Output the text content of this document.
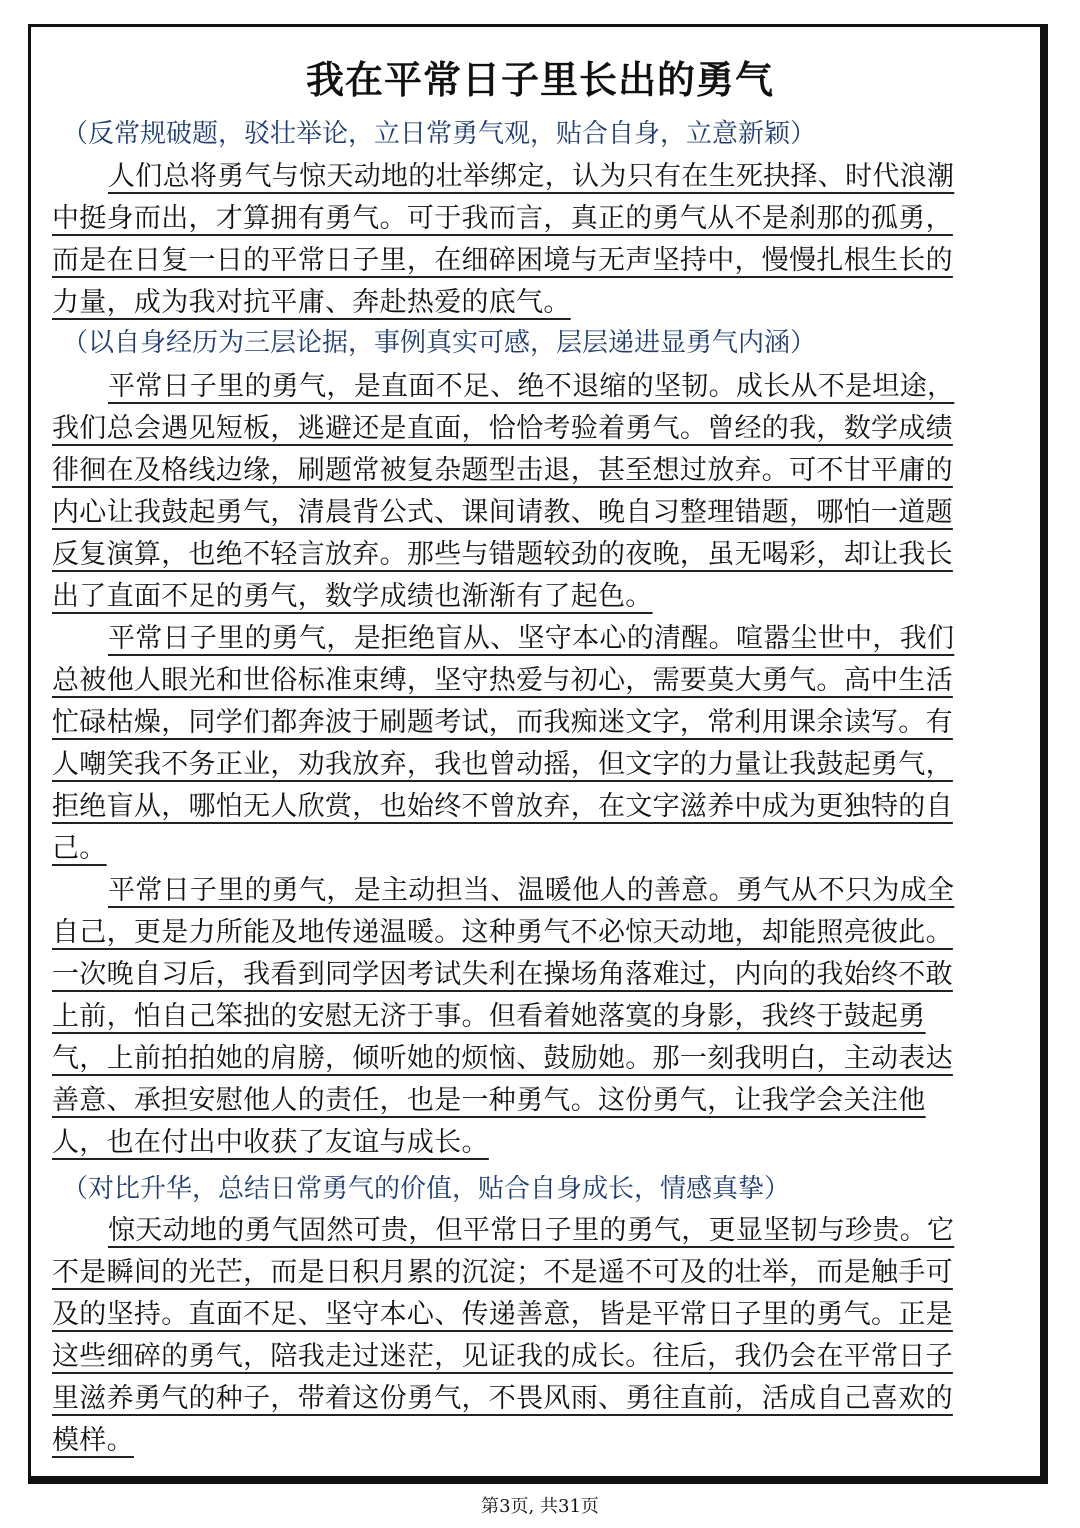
我在平常日子里长出的勇气
（反常规破题，驳壮举论，立日常勇气观，贴合自身，立意新颖）
人们总将勇气与惊天动地的壮举绑定，认为只有在生死抉择、时代浪潮
中挺身而出，才算拥有勇气。可于我而言，真正的勇气从不是刹那的孤勇，
而是在日复一日的平常日子里，在细碎困境与无声坚持中，慢慢扎根生长的
力量，成为我对抗平庸、奔赴热爱的底气。
（以自身经历为三层论据，事例真实可感，层层递进显勇气内涵）
平常日子里的勇气，是直面不足、绝不退缩的坚韧。成长从不是坦途，
我们总会遇见短板，逃避还是直面，恰恰考验着勇气。曾经的我，数学成绩
徘徊在及格线边缘，刷题常被复杂题型击退，甚至想过放弃。可不甘平庸的
内心让我鼓起勇气，清晨背公式、课间请教、晚自习整理错题，哪怕一道题
反复演算，也绝不轻言放弃。那些与错题较劲的夜晚，虽无喝彩，却让我长
出了直面不足的勇气，数学成绩也渐渐有了起色。
平常日子里的勇气，是拒绝盲从、坚守本心的清醒。喧嚣尘世中，我们
总被他人眼光和世俗标准束缚，坚守热爱与初心，需要莫大勇气。高中生活
忙碌枯燥，同学们都奔波于刷题考试，而我痴迷文字，常利用课余读写。有
人嘲笑我不务正业，劝我放弃，我也曾动摇，但文字的力量让我鼓起勇气，
拒绝盲从，哪怕无人欣赏，也始终不曾放弃，在文字滋养中成为更独特的自
己。
平常日子里的勇气，是主动担当、温暖他人的善意。勇气从不只为成全
自己，更是力所能及地传递温暖。这种勇气不必惊天动地，却能照亮彼此。
一次晚自习后，我看到同学因考试失利在操场角落难过，内向的我始终不敢
上前，怕自己笨拙的安慰无济于事。但看着她落寞的身影，我终于鼓起勇
气，上前拍拍她的肩膀，倾听她的烦恼、鼓励她。那一刻我明白，主动表达
善意、承担安慰他人的责任，也是一种勇气。这份勇气，让我学会关注他
人，也在付出中收获了友谊与成长。
（对比升华，总结日常勇气的价值，贴合自身成长，情感真挚）
惊天动地的勇气固然可贵，但平常日子里的勇气，更显坚韧与珍贵。它
不是瞬间的光芒，而是日积月累的沉淀；不是遥不可及的壮举，而是触手可
及的坚持。直面不足、坚守本心、传递善意，皆是平常日子里的勇气。正是
这些细碎的勇气，陪我走过迷茫，见证我的成长。往后，我仍会在平常日子
里滋养勇气的种子，带着这份勇气，不畏风雨、勇往直前，活成自己喜欢的
模样。
第3页, 共31页
